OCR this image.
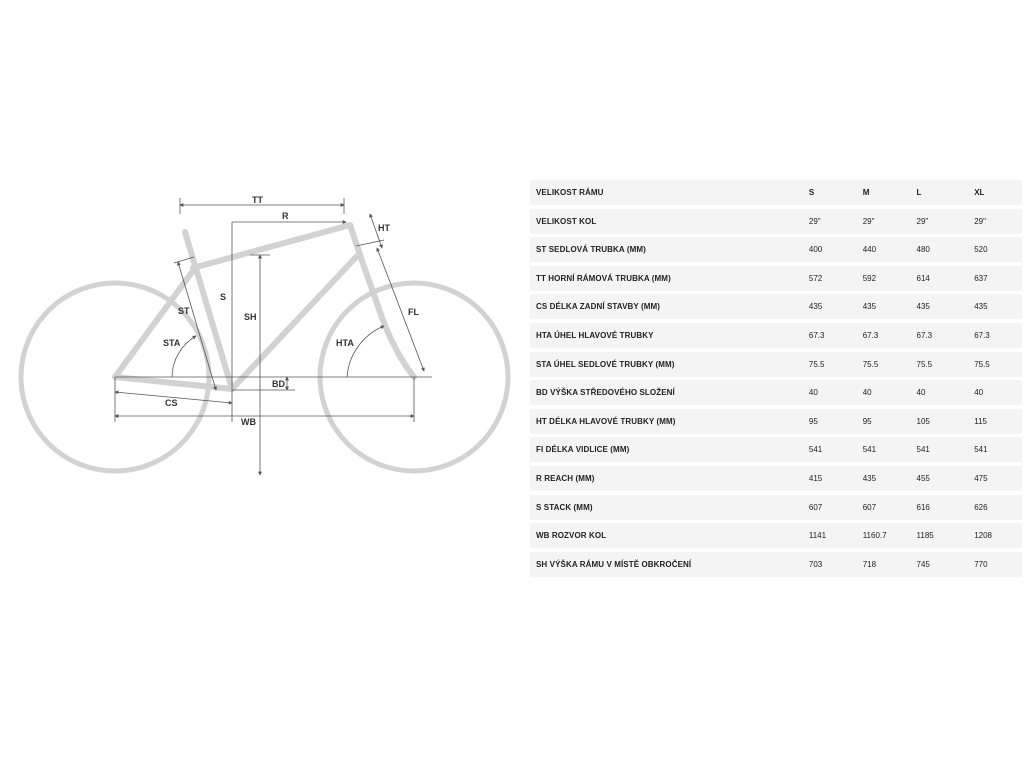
TT
R
HT
ST
S
SH	FL
STA	HTA
BD
CS
WB
VELIKOST RÁMU	S	M	L	XL
VELIKOST KOL	29"	29"	29"	29"
ST SEDLOVÁ TRUBKA (MM)	400	440	480	520
TT HORNÍ RÁMOVÁ TRUBKA (MM)	572	592	614	637
CS DÉLKA ZADNÍ STAVBY (MM)	435	435	435	435
HTA ÚHEL HLAVOVÉ TRUBKY	67.3	67.3	67.3	67.3
STA ÚHEL SEDLOVÉ TRUBKY (MM)	75.5	75.5	75.5	75.5
BD VÝŠKA STŘEDOVÉHO SLOŽENÍ	40	40	40	40
HT DÉLKA HLAVOVÉ TRUBKY (MM)	95	95	105	115
FI DÉLKA VIDLICE (MM)	541	541	541	541
R REACH (MM)	415	435	455	475
S STACK (MM)	607	607	616	626
WB ROZVOR KOL	1141	1160.7	1185	1208
SH VÝŠKA RÁMU V MÍSTĚ OBKROČENÍ	703	718	745	770
